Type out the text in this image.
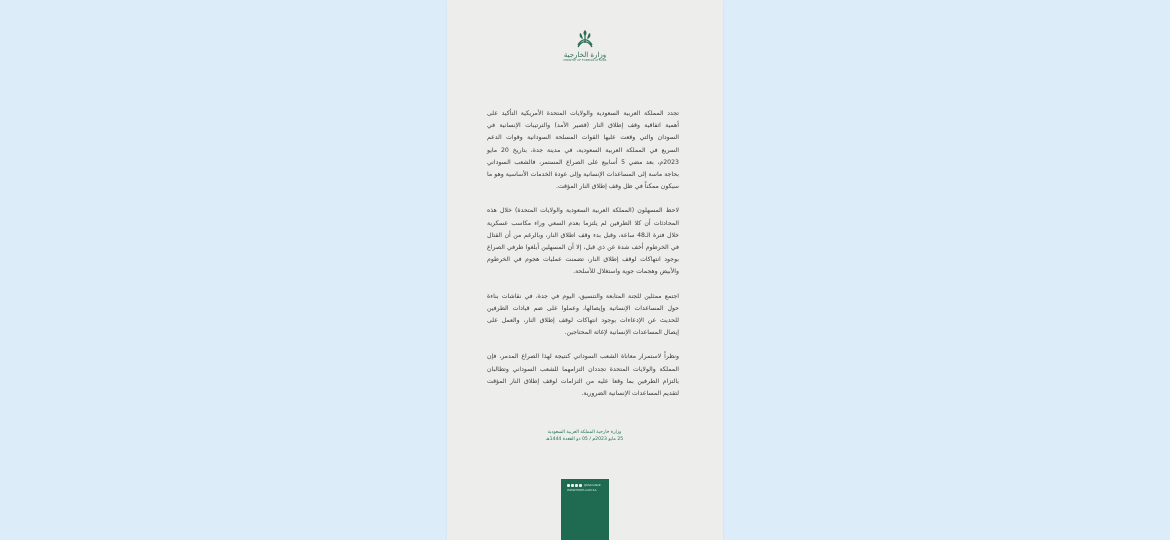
وزارة الخارجية
MINISTRY OF FOREIGN AFFAIRS

تجدد المملكة العربية السعودية والولايات المتحدة الأمريكية التأكيد على أهمية اتفاقية وقف إطلاق النار (قصير الأمد) والترتيبات الإنسانية في السودان والتي وقعت عليها القوات المسلحة السودانية وقوات الدعم السريع في المملكة العربية السعودية، في مدينة جدة، بتاريخ 20 مايو 2023م، بعد مضي 5 أسابيع على الصراع المستمر، فالشعب السوداني بحاجة ماسة إلى المساعدات الإنسانية وإلى عودة الخدمات الأساسية وهو ما سيكون ممكناً في ظل وقف إطلاق النار المؤقت.

لاحظ المسهلون (المملكة العربية السعودية والولايات المتحدة) خلال هذه المحادثات أن كلا الطرفين لم يلتزما بعدم السعي وراء مكاسب عسكرية خلال فترة الـ48 ساعة، وقبل بدء وقف اطلاق النار، وبالرغم من أن القتال في الخرطوم أخف شدة عن ذي قبل، إلا أن المسهلين أبلغوا طرفي الصراع بوجود انتهاكات لوقف إطلاق النار، تضمنت عمليات هجوم في الخرطوم والأبيض وهجمات جوية واستغلال للأسلحة.

اجتمع ممثلين للجنة المتابعة والتنسيق، اليوم في جدة، في نقاشات بناءة حول المساعدات الإنسانية وإيصالها، وعملوا على ضم قيادات الطرفين للحديث عن الإدعاءات بوجود انتهاكات لوقف إطلاق النار، والعمل على إيصال المساعدات الإنسانية لإغاثة المحتاجين.

ونظراً لاستمرار معاناة الشعب السوداني كنتيجة لهذا الصراع المدمر، فإن المملكة والولايات المتحدة تجددان التزامهما للشعب السوداني وتطالبان بالتزام الطرفين بما وقعا عليه من التزامات لوقف إطلاق النار المؤقت لتقديم المساعدات الإنسانية الضرورية.

وزارة خارجية المملكة العربية السعودية
25 مايو 2023م / 05 ذو القعدة 1444هـ
@KSAmofaAR
WWW.MOFA.GOV.SA
